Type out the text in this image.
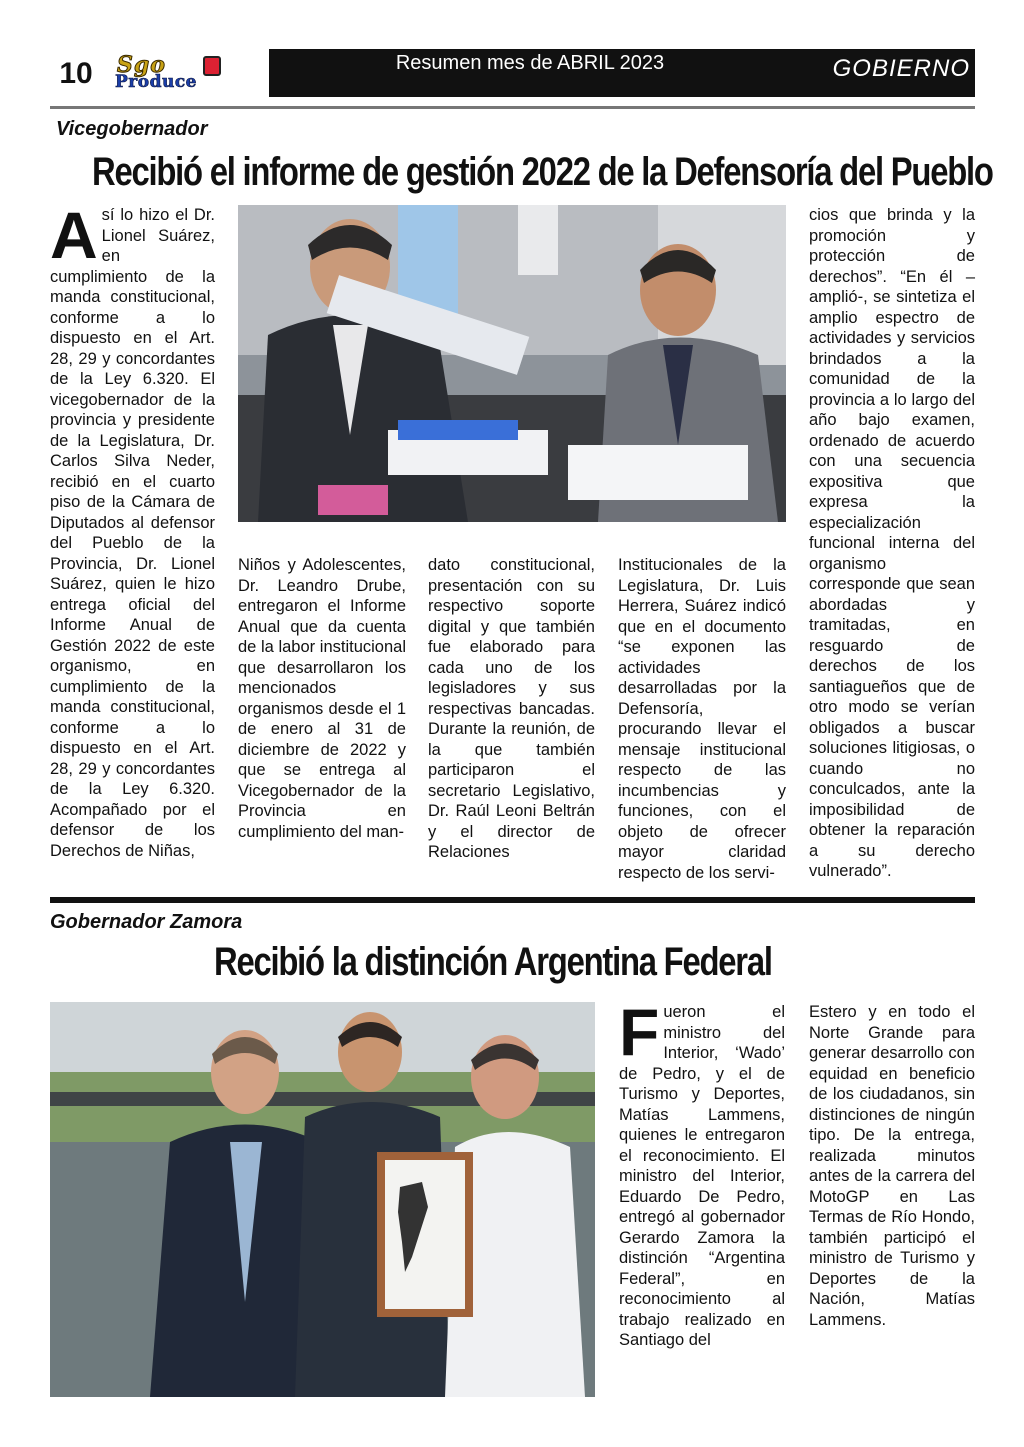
10	Sgo
Produce
Resumen mes de ABRIL 2023	GOBIERNO
Vicegobernador
Recibió el informe de gestión 2022 de la Defensoría del Pueblo
Así lo hizo el Dr. Lionel Suárez, en cumplimiento de la manda constitucional, conforme a lo dispuesto en el Art. 28, 29 y concordantes de la Ley 6.320. El vicegobernador de la provincia y presidente de la Legislatura, Dr. Carlos Silva Neder, recibió en el cuarto piso de la Cámara de Diputados al defensor del Pueblo de la Provincia, Dr. Lionel Suárez, quien le hizo entrega oficial del Informe Anual de Gestión 2022 de este organismo, en cumplimiento de la manda constitucional, conforme a lo dispuesto en el Art. 28, 29 y concordantes de la Ley 6.320. Acompañado por el defensor de los Derechos de Niñas,
Niños y Adolescentes, Dr. Leandro Drube, entregaron el Informe Anual que da cuenta de la labor institucional que desarrollaron los mencionados organismos desde el 1 de enero al 31 de diciembre de 2022 y que se entrega al Vicegobernador de la Provincia en cumplimiento del man-
dato constitucional, presentación con su respectivo soporte digital y que también fue elaborado para cada uno de los legisladores y sus respectivas bancadas. Durante la reunión, de la que también participaron el secretario Legislativo, Dr. Raúl Leoni Beltrán y el director de Relaciones
Institucionales de la Legislatura, Dr. Luis Herrera, Suárez indicó que en el documento “se exponen las actividades desarrolladas por la Defensoría, procurando llevar el mensaje institucional respecto de las incumbencias y funciones, con el objeto de ofrecer mayor claridad respecto de los servi-
cios que brinda y la promoción y protección de derechos”. “En él –amplió-, se sintetiza el amplio espectro de actividades y servicios brindados a la comunidad de la provincia a lo largo del año bajo examen, ordenado de acuerdo con una secuencia expositiva que expresa la especialización funcional interna del organismo corresponde que sean abordadas y tramitadas, en resguardo de derechos de los santiagueños que de otro modo se verían obligados a buscar soluciones litigiosas, o cuando no conculcados, ante la imposibilidad de obtener la reparación a su derecho vulnerado”.
Gobernador Zamora
Recibió la distinción Argentina Federal
Fueron el ministro del Interior, ‘Wado’ de Pedro, y el de Turismo y Deportes, Matías Lammens, quienes le entregaron el reconocimiento. El ministro del Interior, Eduardo De Pedro, entregó al gobernador Gerardo Zamora la distinción “Argentina Federal”, en reconocimiento al trabajo realizado en Santiago del
Estero y en todo el Norte Grande para generar desarrollo con equidad en beneficio de los ciudadanos, sin distinciones de ningún tipo. De la entrega, realizada minutos antes de la carrera del MotoGP en Las Termas de Río Hondo, también participó el ministro de Turismo y Deportes de la Nación, Matías Lammens.
